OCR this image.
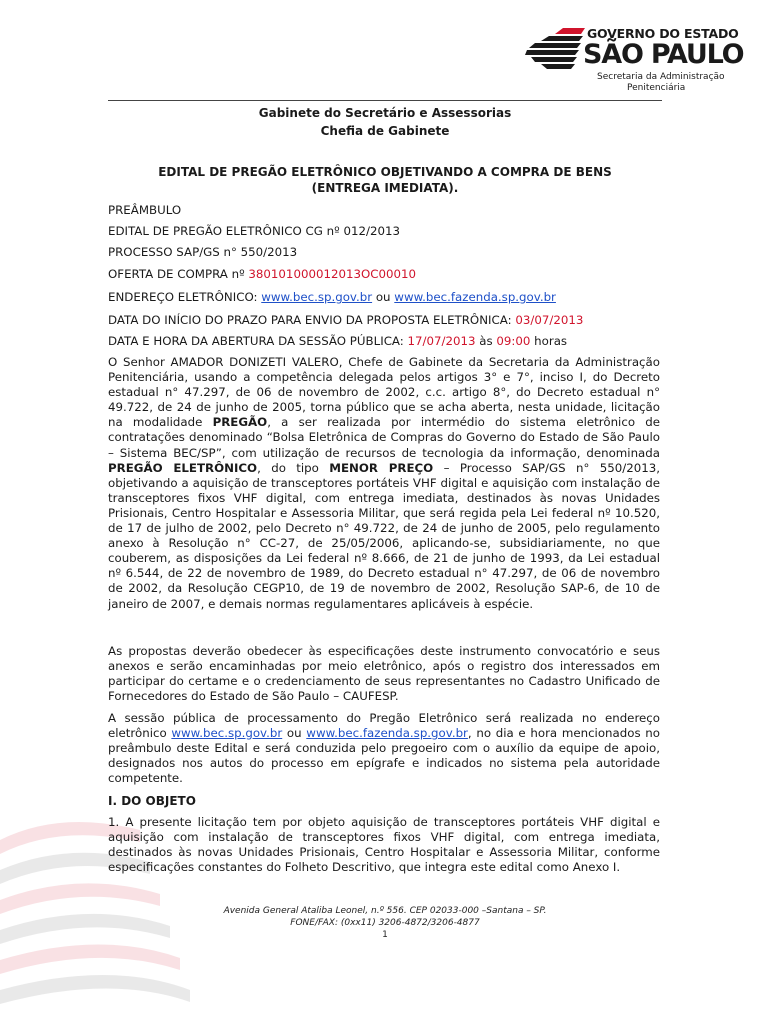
GOVERNO DO ESTADO
SÃO PAULO
Secretaria da Administração
Penitenciária
Gabinete do Secretário e Assessorias
Chefia de Gabinete
EDITAL DE PREGÃO ELETRÔNICO OBJETIVANDO A COMPRA DE BENS
(ENTREGA IMEDIATA).
PREÂMBULO
EDITAL DE PREGÃO ELETRÔNICO CG nº 012/2013
PROCESSO SAP/GS n° 550/2013
OFERTA DE COMPRA nº 380101000012013OC00010
ENDEREÇO ELETRÔNICO: www.bec.sp.gov.br ou www.bec.fazenda.sp.gov.br
DATA DO INÍCIO DO PRAZO PARA ENVIO DA PROPOSTA ELETRÔNICA: 03/07/2013
DATA E HORA DA ABERTURA DA SESSÃO PÚBLICA: 17/07/2013 às 09:00 horas
O Senhor AMADOR DONIZETI VALERO, Chefe de Gabinete da Secretaria da Administração Penitenciária, usando a competência delegada pelos artigos 3° e 7°, inciso I, do Decreto estadual n° 47.297, de 06 de novembro de 2002, c.c. artigo 8°, do Decreto estadual n° 49.722, de 24 de junho de 2005, torna público que se acha aberta, nesta unidade, licitação na modalidade PREGÃO, a ser realizada por intermédio do sistema eletrônico de contratações denominado “Bolsa Eletrônica de Compras do Governo do Estado de São Paulo – Sistema BEC/SP”, com utilização de recursos de tecnologia da informação, denominada PREGÃO ELETRÔNICO, do tipo MENOR PREÇO – Processo SAP/GS n° 550/2013, objetivando a aquisição de transceptores portáteis VHF digital e aquisição com instalação de transceptores fixos VHF digital, com entrega imediata, destinados às novas Unidades Prisionais, Centro Hospitalar e Assessoria Militar, que será regida pela Lei federal nº 10.520, de 17 de julho de 2002, pelo Decreto n° 49.722, de 24 de junho de 2005, pelo regulamento anexo à Resolução n° CC-27, de 25/05/2006, aplicando-se, subsidiariamente, no que couberem, as disposições da Lei federal nº 8.666, de 21 de junho de 1993, da Lei estadual nº 6.544, de 22 de novembro de 1989, do Decreto estadual n° 47.297, de 06 de novembro de 2002, da Resolução CEGP10, de 19 de novembro de 2002, Resolução SAP-6, de 10 de janeiro de 2007, e demais normas regulamentares aplicáveis à espécie.
As propostas deverão obedecer às especificações deste instrumento convocatório e seus anexos e serão encaminhadas por meio eletrônico, após o registro dos interessados em participar do certame e o credenciamento de seus representantes no Cadastro Unificado de Fornecedores do Estado de São Paulo – CAUFESP.
A sessão pública de processamento do Pregão Eletrônico será realizada no endereço eletrônico www.bec.sp.gov.br ou www.bec.fazenda.sp.gov.br, no dia e hora mencionados no preâmbulo deste Edital e será conduzida pelo pregoeiro com o auxílio da equipe de apoio, designados nos autos do processo em epígrafe e indicados no sistema pela autoridade competente.
I. DO OBJETO
1. A presente licitação tem por objeto aquisição de transceptores portáteis VHF digital e aquisição com instalação de transceptores fixos VHF digital, com entrega imediata, destinados às novas Unidades Prisionais, Centro Hospitalar e Assessoria Militar, conforme especificações constantes do Folheto Descritivo, que integra este edital como Anexo I.
Avenida General Ataliba Leonel, n.º 556. CEP 02033-000 –Santana – SP.
FONE/FAX: (0xx11) 3206-4872/3206-4877
1
